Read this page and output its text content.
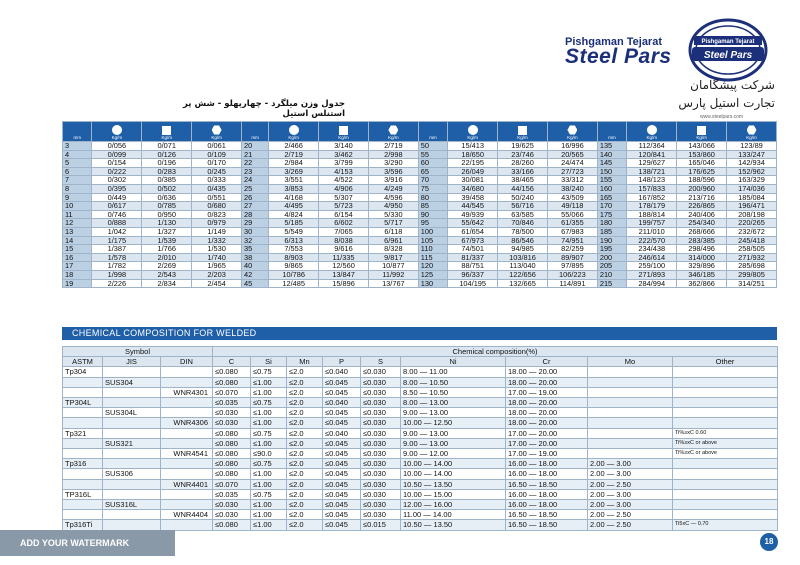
Pishgaman Tejarat
Steel Pars
Pishgaman Tejarat
Steel Pars
شرکت پیشگامان
تجارت استیل پارس
www.steelpars.com
جدول وزن میلگرد - چهارپهلو - شش پر استنلس استیل
mm	Kg/m	Kg/m	Kg/m	mm	Kg/m	Kg/m	Kg/m	mm	Kg/m	Kg/m	Kg/m	mm	Kg/m	Kg/m	Kg/m
3	0/056	0/071	0/061	20	2/466	3/140	2/719	50	15/413	19/625	16/996	135	112/364	143/066	123/89
4	0/099	0/126	0/109	21	2/719	3/462	2/998	55	18/650	23/746	20/565	140	120/841	153/860	133/247
5	0/154	0/196	0/170	22	2/984	3/799	3/290	60	22/195	28/260	24/474	145	129/627	165/046	142/934
6	0/222	0/283	0/245	23	3/269	4/153	3/596	65	26/049	33/166	27/723	150	138/721	176/625	152/962
7	0/302	0/385	0/333	24	3/551	4/522	3/916	70	30/081	38/465	33/312	155	148/123	188/596	163/329
8	0/395	0/502	0/435	25	3/853	4/906	4/249	75	34/680	44/156	38/240	160	157/833	200/960	174/036
9	0/449	0/636	0/551	26	4/168	5/307	4/596	80	39/458	50/240	43/509	165	167/852	213/716	185/084
10	0/617	0/785	0/680	27	4/495	5/723	4/950	85	44/545	56/716	49/118	170	178/179	226/865	196/471
11	0/746	0/950	0/823	28	4/824	6/154	5/330	90	49/939	63/585	55/066	175	188/814	240/406	208/198
12	0/888	1/130	0/979	29	5/185	6/602	5/717	95	55/642	70/846	61/355	180	199/757	254/340	220/265
13	1/042	1/327	1/149	30	5/549	7/065	6/118	100	61/654	78/500	67/983	185	211/010	268/666	232/672
14	1/175	1/539	1/332	32	6/313	8/038	6/961	105	67/973	86/546	74/951	190	222/570	283/385	245/418
15	1/387	1/766	1/530	35	7/553	9/616	8/328	110	74/501	94/985	82/259	195	234/438	298/496	258/505
16	1/578	2/010	1/740	38	8/903	11/335	9/817	115	81/337	103/816	89/907	200	246/614	314/000	271/932
17	1/782	2/269	1/965	40	9/865	12/560	10/877	120	88/751	113/040	97/895	205	259/100	329/896	285/698
18	1/998	2/543	2/203	42	10/786	13/847	11/992	125	96/337	122/656	106/223	210	271/893	346/185	299/805
19	2/226	2/834	2/454	45	12/485	15/896	13/767	130	104/195	132/665	114/891	215	284/994	362/866	314/251
CHEMICAL COMPOSITION FOR WELDED
Symbol			Chemical composition(%)								
ASTM	JIS	DIN	C	Si	Mn	P	S	Ni	Cr	Mo	Other
Tp304			≤0.080	≤0.75	≤2.0	≤0.040	≤0.030	8.00 — 11.00	18.00 — 20.00		
	SUS304		≤0.080	≤1.00	≤2.0	≤0.045	≤0.030	8.00 — 10.50	18.00 — 20.00		
		WNR4301	≤0.070	≤1.00	≤2.0	≤0.045	≤0.030	8.50 — 10.50	17.00 — 19.00		
TP304L			≤0.035	≤0.75	≤2.0	≤0.040	≤0.030	8.00 — 13.00	18.00 — 20.00		
	SUS304L		≤0.030	≤1.00	≤2.0	≤0.045	≤0.030	9.00 — 13.00	18.00 — 20.00		
		WNR4306	≤0.030	≤1.00	≤2.0	≤0.045	≤0.030	10.00 — 12.50	18.00 — 20.00		
Tp321			≤0.080	≤0.75	≤2.0	≤0.040	≤0.030	9.00 — 13.00	17.00 — 20.00		Ti%≥xC 0.60
	SUS321		≤0.080	≤1.00	≤2.0	≤0.045	≤0.030	9.00 — 13.00	17.00 — 20.00		Ti%≥xC or above
		WNR4541	≤0.080	≤90.0	≤2.0	≤0.045	≤0.030	9.00 — 12.00	17.00 — 19.00		Ti%≥xC or above
Tp316			≤0.080	≤0.75	≤2.0	≤0.045	≤0.030	10.00 — 14.00	16.00 — 18.00	2.00 — 3.00	
	SUS306		≤0.080	≤1.00	≤2.0	≤0.045	≤0.030	10.00 — 14.00	16.00 — 18.00	2.00 — 3.00	
		WNR4401	≤0.070	≤1.00	≤2.0	≤0.045	≤0.030	10.50 — 13.50	16.50 — 18.50	2.00 — 2.50	
TP316L			≤0.035	≤0.75	≤2.0	≤0.045	≤0.030	10.00 — 15.00	16.00 — 18.00	2.00 — 3.00	
	SUS316L		≤0.030	≤1.00	≤2.0	≤0.045	≤0.030	12.00 — 16.00	16.00 — 18.00	2.00 — 3.00	
		WNR4404	≤0.030	≤1.00	≤2.0	≤0.045	≤0.030	11.00 — 14.00	16.50 — 18.50	2.00 — 2.50	
Tp316Ti			≤0.080	≤1.00	≤2.0	≤0.045	≤0.015	10.50 — 13.50	16.50 — 18.50	2.00 — 2.50	Ti5xC — 0.70
ADD YOUR WATERMARK	18
